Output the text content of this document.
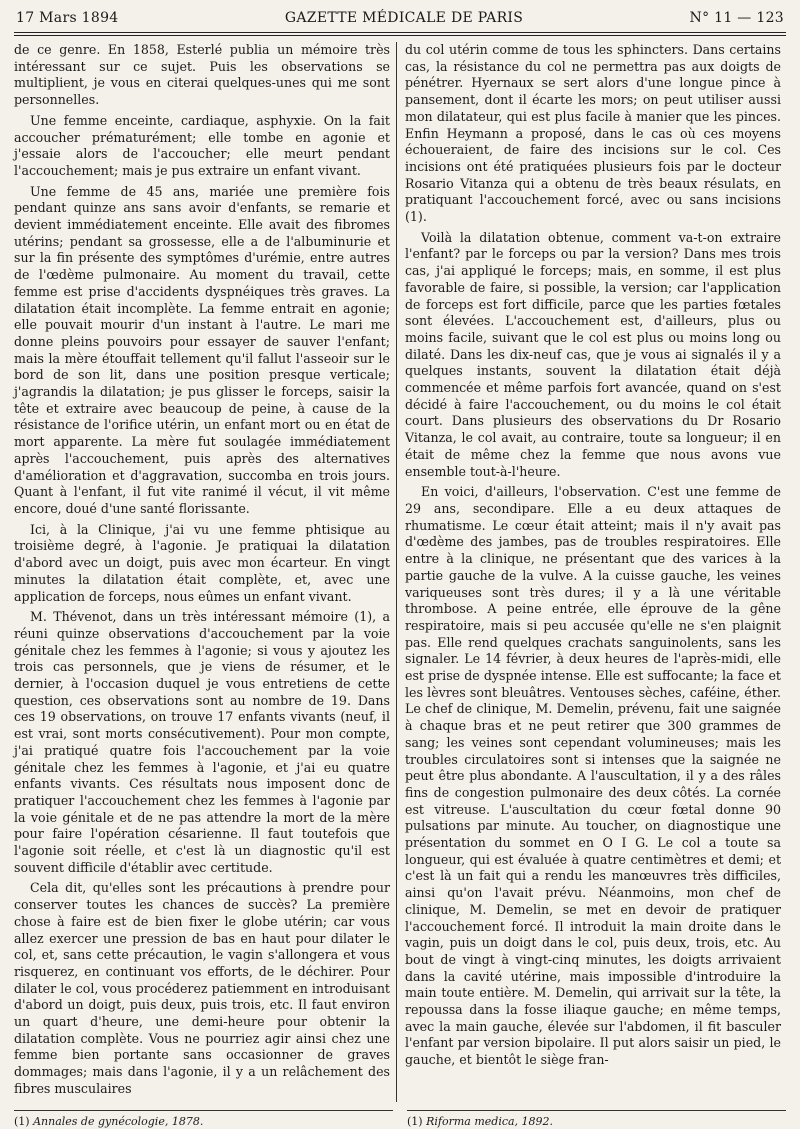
17 Mars 1894	GAZETTE MÉDICALE DE PARIS	N° 11 — 123

de ce genre. En 1858, Esterlé publia un mémoire très intéressant sur ce sujet. Puis les observations se multiplient, je vous en citerai quelques-unes qui me sont personnelles.

Une femme enceinte, cardiaque, asphyxie. On la fait accoucher prématurément; elle tombe en agonie et j'essaie alors de l'accoucher; elle meurt pendant l'accouchement; mais je pus extraire un enfant vivant.

Une femme de 45 ans, mariée une première fois pendant quinze ans sans avoir d'enfants, se remarie et devient immédiatement enceinte. Elle avait des fibromes utérins; pendant sa grossesse, elle a de l'albuminurie et sur la fin présente des symptômes d'urémie, entre autres de l'œdème pulmonaire. Au moment du travail, cette femme est prise d'accidents dyspnéiques très graves. La dilatation était incomplète. La femme entrait en agonie; elle pouvait mourir d'un instant à l'autre. Le mari me donne pleins pouvoirs pour essayer de sauver l'enfant; mais la mère étouffait tellement qu'il fallut l'asseoir sur le bord de son lit, dans une position presque verticale; j'agrandis la dilatation; je pus glisser le forceps, saisir la tête et extraire avec beaucoup de peine, à cause de la résistance de l'orifice utérin, un enfant mort ou en état de mort apparente. La mère fut soulagée immédiatement après l'accouchement, puis après des alternatives d'amélioration et d'aggravation, succomba en trois jours. Quant à l'enfant, il fut vite ranimé il vécut, il vit même encore, doué d'une santé florissante.

Ici, à la Clinique, j'ai vu une femme phtisique au troisième degré, à l'agonie. Je pratiquai la dilatation d'abord avec un doigt, puis avec mon écarteur. En vingt minutes la dilatation était complète, et, avec une application de forceps, nous eûmes un enfant vivant.

M. Thévenot, dans un très intéressant mémoire (1), a réuni quinze observations d'accouchement par la voie génitale chez les femmes à l'agonie; si vous y ajoutez les trois cas personnels, que je viens de résumer, et le dernier, à l'occasion duquel je vous entretiens de cette question, ces observations sont au nombre de 19. Dans ces 19 observations, on trouve 17 enfants vivants (neuf, il est vrai, sont morts consécutivement). Pour mon compte, j'ai pratiqué quatre fois l'accouchement par la voie génitale chez les femmes à l'agonie, et j'ai eu quatre enfants vivants. Ces résultats nous imposent donc de pratiquer l'accouchement chez les femmes à l'agonie par la voie génitale et de ne pas attendre la mort de la mère pour faire l'opération césarienne. Il faut toutefois que l'agonie soit réelle, et c'est là un diagnostic qu'il est souvent difficile d'établir avec certitude.

Cela dit, qu'elles sont les précautions à prendre pour conserver toutes les chances de succès? La première chose à faire est de bien fixer le globe utérin; car vous allez exercer une pression de bas en haut pour dilater le col, et, sans cette précaution, le vagin s'allongera et vous risquerez, en continuant vos efforts, de le déchirer. Pour dilater le col, vous procéderez patiemment en introduisant d'abord un doigt, puis deux, puis trois, etc. Il faut environ un quart d'heure, une demi-heure pour obtenir la dilatation complète. Vous ne pourriez agir ainsi chez une femme bien portante sans occasionner de graves dommages; mais dans l'agonie, il y a un relâchement des fibres musculaires

du col utérin comme de tous les sphincters. Dans certains cas, la résistance du col ne permettra pas aux doigts de pénétrer. Hyernaux se sert alors d'une longue pince à pansement, dont il écarte les mors; on peut utiliser aussi mon dilatateur, qui est plus facile à manier que les pinces. Enfin Heymann a proposé, dans le cas où ces moyens échoueraient, de faire des incisions sur le col. Ces incisions ont été pratiquées plusieurs fois par le docteur Rosario Vitanza qui a obtenu de très beaux résulats, en pratiquant l'accouchement forcé, avec ou sans incisions (1).

Voilà la dilatation obtenue, comment va-t-on extraire l'enfant? par le forceps ou par la version? Dans mes trois cas, j'ai appliqué le forceps; mais, en somme, il est plus favorable de faire, si possible, la version; car l'application de forceps est fort difficile, parce que les parties fœtales sont élevées. L'accouchement est, d'ailleurs, plus ou moins facile, suivant que le col est plus ou moins long ou dilaté. Dans les dix-neuf cas, que je vous ai signalés il y a quelques instants, souvent la dilatation était déjà commencée et même parfois fort avancée, quand on s'est décidé à faire l'accouchement, ou du moins le col était court. Dans plusieurs des observations du Dr Rosario Vitanza, le col avait, au contraire, toute sa longueur; il en était de même chez la femme que nous avons vue ensemble tout-à-l'heure.

En voici, d'ailleurs, l'observation. C'est une femme de 29 ans, secondipare. Elle a eu deux attaques de rhumatisme. Le cœur était atteint; mais il n'y avait pas d'œdème des jambes, pas de troubles respiratoires. Elle entre à la clinique, ne présentant que des varices à la partie gauche de la vulve. A la cuisse gauche, les veines variqueuses sont très dures; il y a là une véritable thrombose. A peine entrée, elle éprouve de la gêne respiratoire, mais si peu accusée qu'elle ne s'en plaignit pas. Elle rend quelques crachats sanguinolents, sans les signaler. Le 14 février, à deux heures de l'après-midi, elle est prise de dyspnée intense. Elle est suffocante; la face et les lèvres sont bleuâtres. Ventouses sèches, caféine, éther. Le chef de clinique, M. Demelin, prévenu, fait une saignée à chaque bras et ne peut retirer que 300 grammes de sang; les veines sont cependant volumineuses; mais les troubles circulatoires sont si intenses que la saignée ne peut être plus abondante. A l'auscultation, il y a des râles fins de congestion pulmonaire des deux côtés. La cornée est vitreuse. L'auscultation du cœur fœtal donne 90 pulsations par minute. Au toucher, on diagnostique une présentation du sommet en O I G. Le col a toute sa longueur, qui est évaluée à quatre centimètres et demi; et c'est là un fait qui a rendu les manœuvres très difficiles, ainsi qu'on l'avait prévu. Néanmoins, mon chef de clinique, M. Demelin, se met en devoir de pratiquer l'accouchement forcé. Il introduit la main droite dans le vagin, puis un doigt dans le col, puis deux, trois, etc. Au bout de vingt à vingt-cinq minutes, les doigts arrivaient dans la cavité utérine, mais impossible d'introduire la main toute entière. M. Demelin, qui arrivait sur la tête, la repoussa dans la fosse iliaque gauche; en même temps, avec la main gauche, élevée sur l'abdomen, il fit basculer l'enfant par version bipolaire. Il put alors saisir un pied, le gauche, et bientôt le siège fran-

(1) Annales de gynécologie, 1878.	(1) Riforma medica, 1892.
